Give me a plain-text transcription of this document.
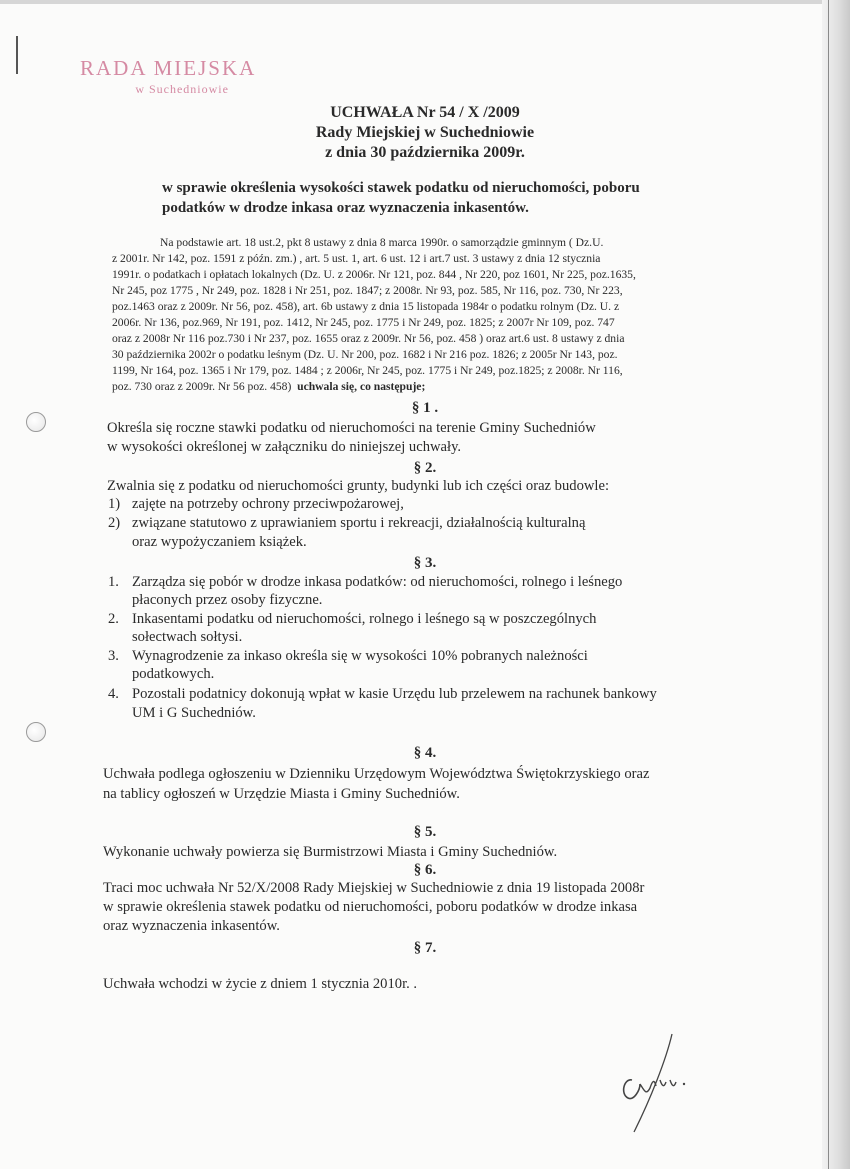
RADA MIEJSKA
w Suchedniowie
UCHWAŁA Nr 54 / X /2009
Rady Miejskiej w Suchedniowie
z dnia 30 października 2009r.
w sprawie określenia wysokości stawek podatku od nieruchomości, poboru
podatków w drodze inkasa oraz wyznaczenia inkasentów.
Na podstawie art. 18 ust.2, pkt 8 ustawy z dnia 8 marca 1990r. o samorządzie gminnym ( Dz.U.
z 2001r. Nr 142, poz. 1591 z późn. zm.) , art. 5 ust. 1, art. 6 ust. 12 i art.7 ust. 3 ustawy z dnia 12 stycznia
1991r. o podatkach i opłatach lokalnych (Dz. U. z 2006r. Nr 121, poz. 844 , Nr 220, poz 1601, Nr 225, poz.1635,
Nr 245, poz 1775 , Nr 249, poz. 1828 i Nr 251, poz. 1847; z 2008r. Nr 93, poz. 585, Nr 116, poz. 730, Nr 223,
poz.1463 oraz z 2009r. Nr 56, poz. 458), art. 6b ustawy z dnia 15 listopada 1984r o podatku rolnym (Dz. U. z
2006r. Nr 136, poz.969, Nr 191, poz. 1412, Nr 245, poz. 1775 i Nr 249, poz. 1825; z 2007r Nr 109, poz. 747
oraz z 2008r Nr 116 poz.730 i Nr 237, poz. 1655 oraz z 2009r. Nr 56, poz. 458 ) oraz art.6 ust. 8 ustawy z dnia
30 października 2002r o podatku leśnym (Dz. U. Nr 200, poz. 1682 i Nr 216 poz. 1826; z 2005r Nr 143, poz.
1199, Nr 164, poz. 1365 i Nr 179, poz. 1484 ; z 2006r, Nr 245, poz. 1775 i Nr 249, poz.1825; z 2008r. Nr 116,
poz. 730 oraz z 2009r. Nr 56 poz. 458) uchwala się, co następuje;
§ 1 .
Określa się roczne stawki podatku od nieruchomości na terenie Gminy Suchedniów
w wysokości określonej w załączniku do niniejszej uchwały.
§ 2.
Zwalnia się z podatku od nieruchomości grunty, budynki lub ich części oraz budowle:
1) zajęte na potrzeby ochrony przeciwpożarowej,
2) związane statutowo z uprawianiem sportu i rekreacji, działalnością kulturalną
oraz wypożyczaniem książek.
§ 3.
1. Zarządza się pobór w drodze inkasa podatków: od nieruchomości, rolnego i leśnego
płaconych przez osoby fizyczne.
2. Inkasentami podatku od nieruchomości, rolnego i leśnego są w poszczególnych
sołectwach sołtysi.
3. Wynagrodzenie za inkaso określa się w wysokości 10% pobranych należności
podatkowych.
4. Pozostali podatnicy dokonują wpłat w kasie Urzędu lub przelewem na rachunek bankowy
UM i G Suchedniów.
§ 4.
Uchwała podlega ogłoszeniu w Dzienniku Urzędowym Województwa Świętokrzyskiego oraz
na tablicy ogłoszeń w Urzędzie Miasta i Gminy Suchedniów.
§ 5.
Wykonanie uchwały powierza się Burmistrzowi Miasta i Gminy Suchedniów.
§ 6.
Traci moc uchwała Nr 52/X/2008 Rady Miejskiej w Suchedniowie z dnia 19 listopada 2008r
w sprawie określenia stawek podatku od nieruchomości, poboru podatków w drodze inkasa
oraz wyznaczenia inkasentów.
§ 7.
Uchwała wchodzi w życie z dniem 1 stycznia 2010r. .
